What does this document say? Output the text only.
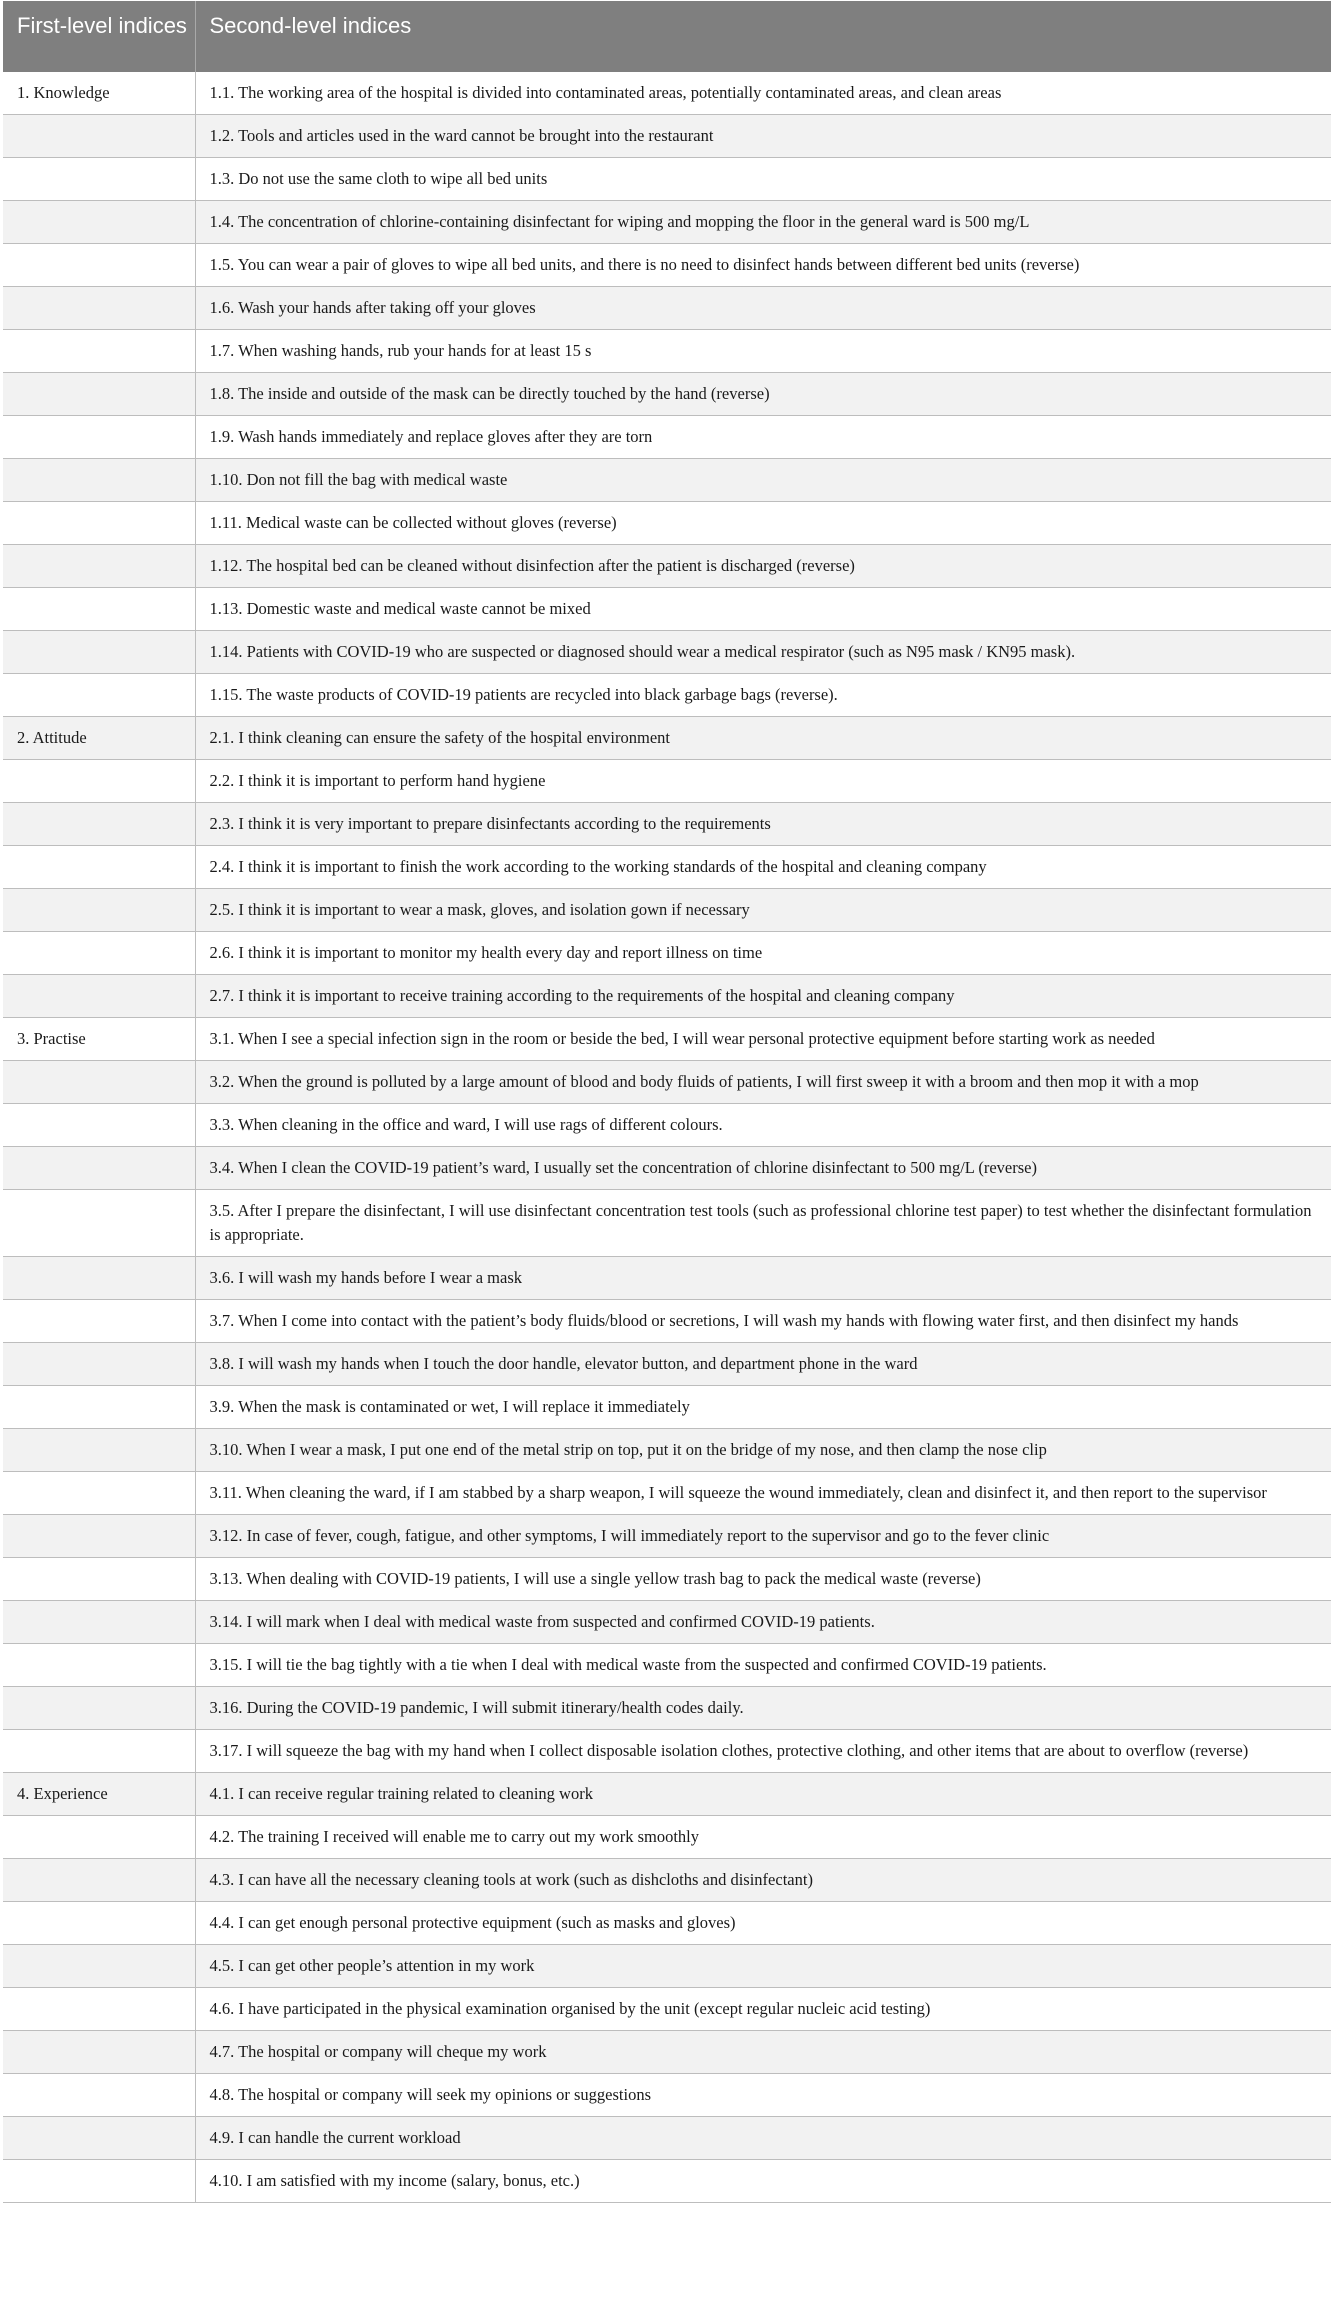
First-level indices	Second-level indices
1. Knowledge	1.1. The working area of the hospital is divided into contaminated areas, potentially contaminated areas, and clean areas
	1.2. Tools and articles used in the ward cannot be brought into the restaurant
	1.3. Do not use the same cloth to wipe all bed units
	1.4. The concentration of chlorine-containing disinfectant for wiping and mopping the floor in the general ward is 500 mg/L
	1.5. You can wear a pair of gloves to wipe all bed units, and there is no need to disinfect hands between different bed units (reverse)
	1.6. Wash your hands after taking off your gloves
	1.7. When washing hands, rub your hands for at least 15 s
	1.8. The inside and outside of the mask can be directly touched by the hand (reverse)
	1.9. Wash hands immediately and replace gloves after they are torn
	1.10. Don not fill the bag with medical waste
	1.11. Medical waste can be collected without gloves (reverse)
	1.12. The hospital bed can be cleaned without disinfection after the patient is discharged (reverse)
	1.13. Domestic waste and medical waste cannot be mixed
	1.14. Patients with COVID-19 who are suspected or diagnosed should wear a medical respirator (such as N95 mask / KN95 mask).
	1.15. The waste products of COVID-19 patients are recycled into black garbage bags (reverse).
2. Attitude	2.1. I think cleaning can ensure the safety of the hospital environment
	2.2. I think it is important to perform hand hygiene
	2.3. I think it is very important to prepare disinfectants according to the requirements
	2.4. I think it is important to finish the work according to the working standards of the hospital and cleaning company
	2.5. I think it is important to wear a mask, gloves, and isolation gown if necessary
	2.6. I think it is important to monitor my health every day and report illness on time
	2.7. I think it is important to receive training according to the requirements of the hospital and cleaning company
3. Practise	3.1. When I see a special infection sign in the room or beside the bed, I will wear personal protective equipment before starting work as needed
	3.2. When the ground is polluted by a large amount of blood and body fluids of patients, I will first sweep it with a broom and then mop it with a mop
	3.3. When cleaning in the office and ward, I will use rags of different colours.
	3.4. When I clean the COVID-19 patient’s ward, I usually set the concentration of chlorine disinfectant to 500 mg/L (reverse)
	3.5. After I prepare the disinfectant, I will use disinfectant concentration test tools (such as professional chlorine test paper) to test whether the disinfectant formulation is appropriate.
	3.6. I will wash my hands before I wear a mask
	3.7. When I come into contact with the patient’s body fluids/blood or secretions, I will wash my hands with flowing water first, and then disinfect my hands
	3.8. I will wash my hands when I touch the door handle, elevator button, and department phone in the ward
	3.9. When the mask is contaminated or wet, I will replace it immediately
	3.10. When I wear a mask, I put one end of the metal strip on top, put it on the bridge of my nose, and then clamp the nose clip
	3.11. When cleaning the ward, if I am stabbed by a sharp weapon, I will squeeze the wound immediately, clean and disinfect it, and then report to the supervisor
	3.12. In case of fever, cough, fatigue, and other symptoms, I will immediately report to the supervisor and go to the fever clinic
	3.13. When dealing with COVID-19 patients, I will use a single yellow trash bag to pack the medical waste (reverse)
	3.14. I will mark when I deal with medical waste from suspected and confirmed COVID-19 patients.
	3.15. I will tie the bag tightly with a tie when I deal with medical waste from the suspected and confirmed COVID-19 patients.
	3.16. During the COVID-19 pandemic, I will submit itinerary/health codes daily.
	3.17. I will squeeze the bag with my hand when I collect disposable isolation clothes, protective clothing, and other items that are about to overflow (reverse)
4. Experience	4.1. I can receive regular training related to cleaning work
	4.2. The training I received will enable me to carry out my work smoothly
	4.3. I can have all the necessary cleaning tools at work (such as dishcloths and disinfectant)
	4.4. I can get enough personal protective equipment (such as masks and gloves)
	4.5. I can get other people’s attention in my work
	4.6. I have participated in the physical examination organised by the unit (except regular nucleic acid testing)
	4.7. The hospital or company will cheque my work
	4.8. The hospital or company will seek my opinions or suggestions
	4.9. I can handle the current workload
	4.10. I am satisfied with my income (salary, bonus, etc.)
